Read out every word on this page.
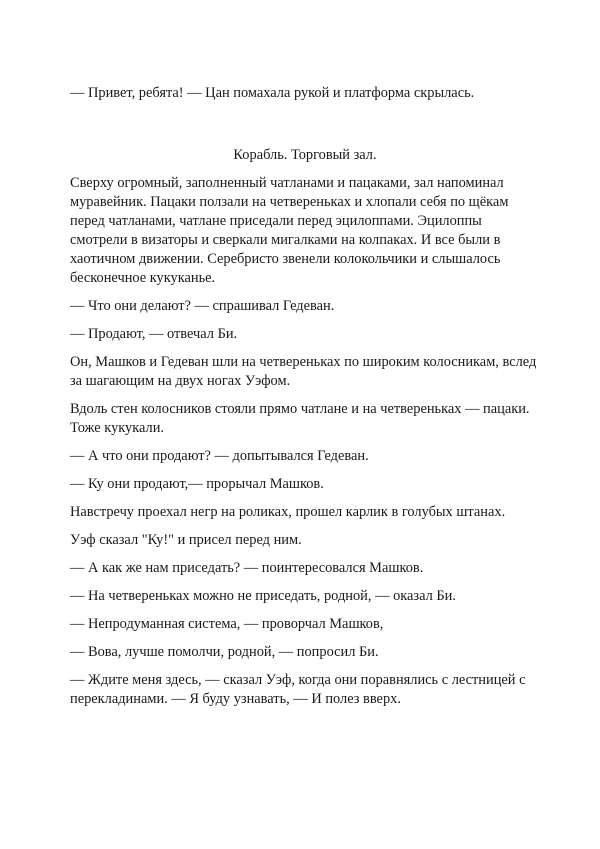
— Привет, ребята! — Цан помахала рукой и платформа скрылась.

Корабль. Торговый зал.

Сверху огромный, заполненный чатланами и пацаками, зал напоминал муравейник. Пацаки ползали на четвереньках и хлопали себя по щёкам перед чатланами, чатлане приседали перед эцилоппами. Эцилоппы смотрели в визаторы и сверкали мигалками на колпаках. И все были в хаотичном движении. Серебристо звенели колокольчики и слышалось бесконечное кукуканье.

— Что они делают? — спрашивал Гедеван.

— Продают, — отвечал Би.

Он, Машков и Гедеван шли на четвереньках по широким колосникам, вслед за шагающим на двух ногах Уэфом.

Вдоль стен колосников стояли прямо чатлане и на четвереньках — пацаки. Тоже кукукали.

— А что они продают? — допытывался Гедеван.

— Ку они продают,— прорычал Машков.

Навстречу проехал негр на роликах, прошел карлик в голубых штанах.

Уэф сказал "Ку!" и присел перед ним.

— А как же нам приседать? — поинтересовался Машков.

— На четвереньках можно не приседать, родной, — оказал Би.

— Непродуманная система, — проворчал Машков,

— Вова, лучше помолчи, родной, — попросил Би.

— Ждите меня здесь, — сказал Уэф, когда они поравнялись с лестницей с перекладинами. — Я буду узнавать, — И полез вверх.
